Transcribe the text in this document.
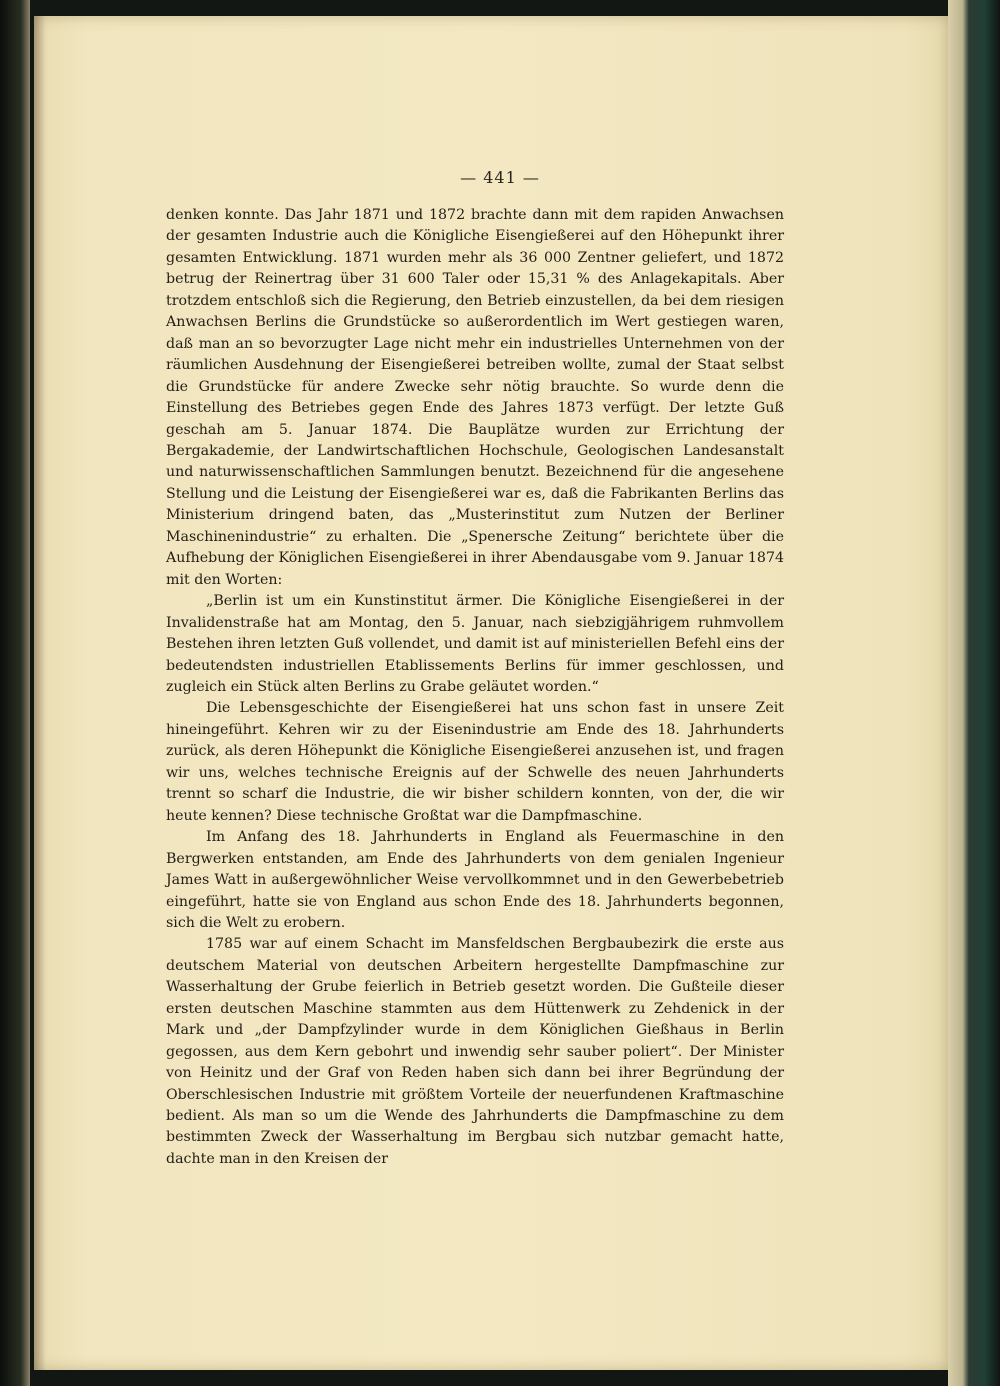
— 441 —

denken konnte. Das Jahr 1871 und 1872 brachte dann mit dem rapiden Anwachsen der gesamten Industrie auch die Königliche Eisengießerei auf den Höhepunkt ihrer gesamten Entwicklung. 1871 wurden mehr als 36 000 Zentner geliefert, und 1872 betrug der Reinertrag über 31 600 Taler oder 15,31 % des Anlagekapitals. Aber trotzdem entschloß sich die Regierung, den Betrieb einzustellen, da bei dem riesigen Anwachsen Berlins die Grundstücke so außerordentlich im Wert gestiegen waren, daß man an so bevorzugter Lage nicht mehr ein industrielles Unternehmen von der räumlichen Ausdehnung der Eisengießerei betreiben wollte, zumal der Staat selbst die Grundstücke für andere Zwecke sehr nötig brauchte. So wurde denn die Einstellung des Betriebes gegen Ende des Jahres 1873 verfügt. Der letzte Guß geschah am 5. Januar 1874. Die Bauplätze wurden zur Errichtung der Bergakademie, der Landwirtschaftlichen Hochschule, Geologischen Landesanstalt und naturwissenschaftlichen Sammlungen benutzt. Bezeichnend für die angesehene Stellung und die Leistung der Eisengießerei war es, daß die Fabrikanten Berlins das Ministerium dringend baten, das „Musterinstitut zum Nutzen der Berliner Maschinenindustrie“ zu erhalten. Die „Spenersche Zeitung“ berichtete über die Aufhebung der Königlichen Eisengießerei in ihrer Abendausgabe vom 9. Januar 1874 mit den Worten:

„Berlin ist um ein Kunstinstitut ärmer. Die Königliche Eisengießerei in der Invalidenstraße hat am Montag, den 5. Januar, nach siebzigjährigem ruhmvollem Bestehen ihren letzten Guß vollendet, und damit ist auf ministeriellen Befehl eins der bedeutendsten industriellen Etablissements Berlins für immer geschlossen, und zugleich ein Stück alten Berlins zu Grabe geläutet worden.“

Die Lebensgeschichte der Eisengießerei hat uns schon fast in unsere Zeit hineingeführt. Kehren wir zu der Eisenindustrie am Ende des 18. Jahrhunderts zurück, als deren Höhepunkt die Königliche Eisengießerei anzusehen ist, und fragen wir uns, welches technische Ereignis auf der Schwelle des neuen Jahrhunderts trennt so scharf die Industrie, die wir bisher schildern konnten, von der, die wir heute kennen? Diese technische Großtat war die Dampfmaschine.

Im Anfang des 18. Jahrhunderts in England als Feuermaschine in den Bergwerken entstanden, am Ende des Jahrhunderts von dem genialen Ingenieur James Watt in außergewöhnlicher Weise vervollkommnet und in den Gewerbebetrieb eingeführt, hatte sie von England aus schon Ende des 18. Jahrhunderts begonnen, sich die Welt zu erobern.

1785 war auf einem Schacht im Mansfeldschen Bergbaubezirk die erste aus deutschem Material von deutschen Arbeitern hergestellte Dampfmaschine zur Wasserhaltung der Grube feierlich in Betrieb gesetzt worden. Die Gußteile dieser ersten deutschen Maschine stammten aus dem Hüttenwerk zu Zehdenick in der Mark und „der Dampfzylinder wurde in dem Königlichen Gießhaus in Berlin gegossen, aus dem Kern gebohrt und inwendig sehr sauber poliert“. Der Minister von Heinitz und der Graf von Reden haben sich dann bei ihrer Begründung der Oberschlesischen Industrie mit größtem Vorteile der neuerfundenen Kraftmaschine bedient. Als man so um die Wende des Jahrhunderts die Dampfmaschine zu dem bestimmten Zweck der Wasserhaltung im Bergbau sich nutzbar gemacht hatte, dachte man in den Kreisen der
